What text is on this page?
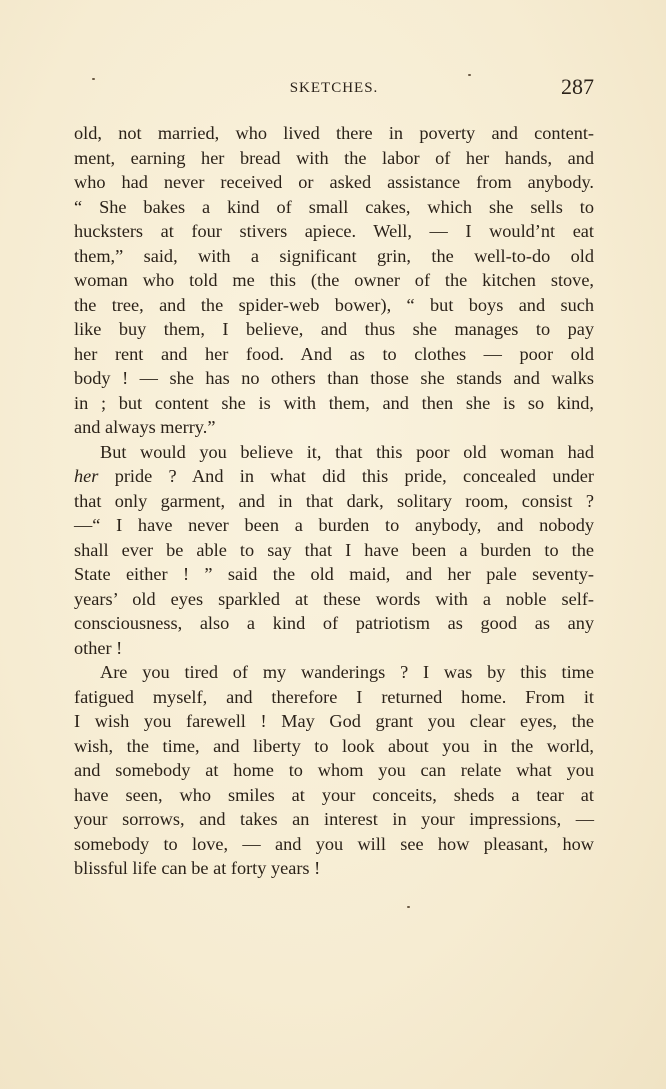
SKETCHES.	287
old, not married, who lived there in poverty and content-
ment, earning her bread with the labor of her hands, and
who had never received or asked assistance from anybody.
“ She bakes a kind of small cakes, which she sells to
hucksters at four stivers apiece. Well, — I would’nt eat
them,” said, with a significant grin, the well-to-do old
woman who told me this (the owner of the kitchen stove,
the tree, and the spider-web bower), “ but boys and such
like buy them, I believe, and thus she manages to pay
her rent and her food. And as to clothes — poor old
body ! — she has no others than those she stands and walks
in ; but content she is with them, and then she is so kind,
and always merry.”
But would you believe it, that this poor old woman had
her pride ? And in what did this pride, concealed under
that only garment, and in that dark, solitary room, consist ?
—“ I have never been a burden to anybody, and nobody
shall ever be able to say that I have been a burden to the
State either ! ” said the old maid, and her pale seventy-
years’ old eyes sparkled at these words with a noble self-
consciousness, also a kind of patriotism as good as any
other !
Are you tired of my wanderings ? I was by this time
fatigued myself, and therefore I returned home. From it
I wish you farewell ! May God grant you clear eyes, the
wish, the time, and liberty to look about you in the world,
and somebody at home to whom you can relate what you
have seen, who smiles at your conceits, sheds a tear at
your sorrows, and takes an interest in your impressions, —
somebody to love, — and you will see how pleasant, how
blissful life can be at forty years !
